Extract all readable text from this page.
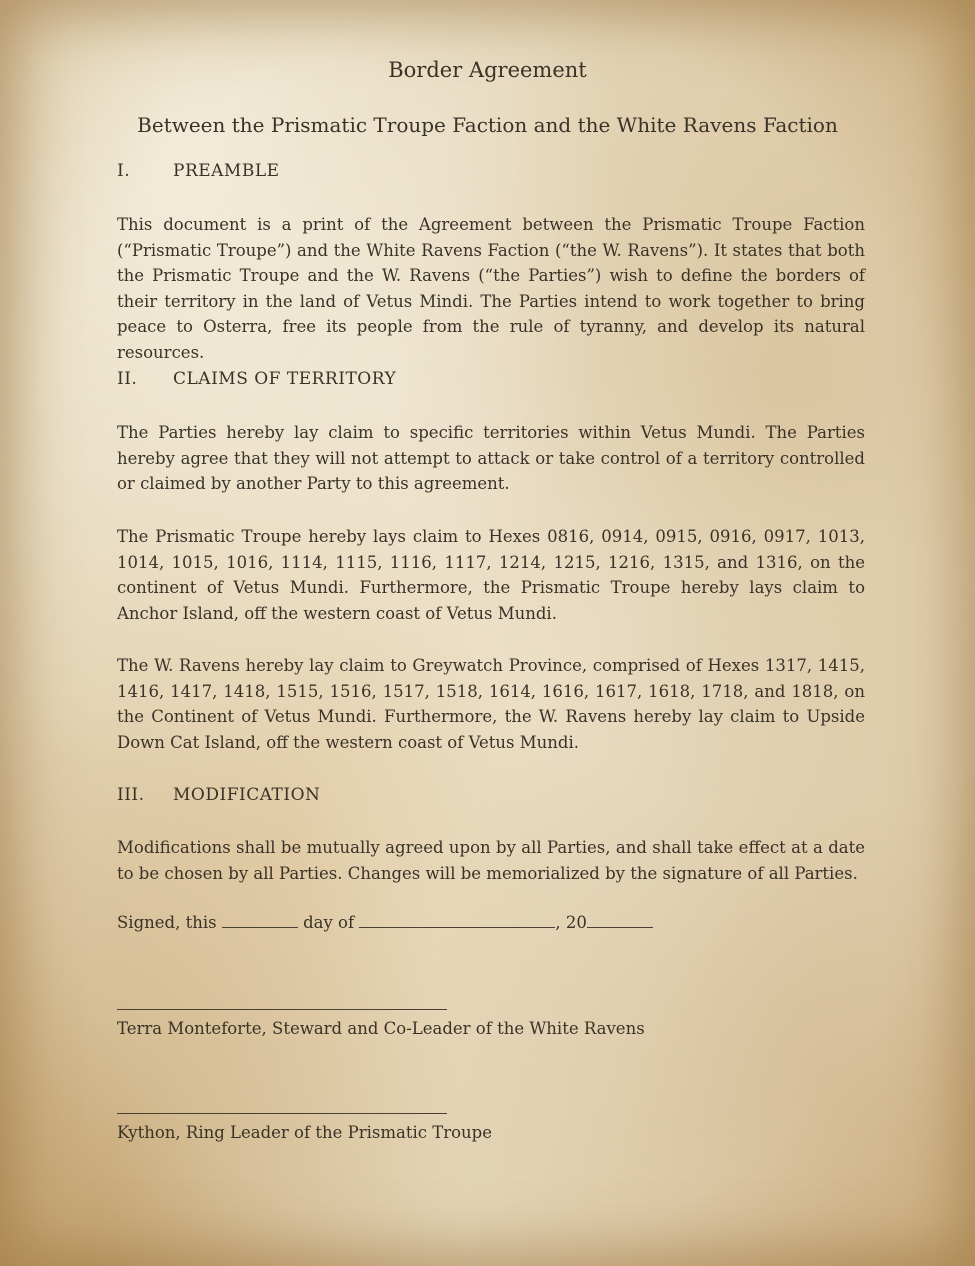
Border Agreement
Between the Prismatic Troupe Faction and the White Ravens Faction
I.	PREAMBLE

This document is a print of the Agreement between the Prismatic Troupe Faction (“Prismatic Troupe”) and the White Ravens Faction (“the W. Ravens”). It states that both the Prismatic Troupe and the W. Ravens (“the Parties”) wish to define the borders of their territory in the land of Vetus Mindi. The Parties intend to work together to bring peace to Osterra, free its people from the rule of tyranny, and develop its natural resources.

II. CLAIMS OF TERRITORY

The Parties hereby lay claim to specific territories within Vetus Mundi. The Parties hereby agree that they will not attempt to attack or take control of a territory controlled or claimed by another Party to this agreement.

The Prismatic Troupe hereby lays claim to Hexes 0816, 0914, 0915, 0916, 0917, 1013, 1014, 1015, 1016, 1114, 1115, 1116, 1117, 1214, 1215, 1216, 1315, and 1316, on the continent of Vetus Mundi. Furthermore, the Prismatic Troupe hereby lays claim to Anchor Island, off the western coast of Vetus Mundi.

The W. Ravens hereby lay claim to Greywatch Province, comprised of Hexes 1317, 1415, 1416, 1417, 1418, 1515, 1516, 1517, 1518, 1614, 1616, 1617, 1618, 1718, and 1818, on the Continent of Vetus Mundi. Furthermore, the W. Ravens hereby lay claim to Upside Down Cat Island, off the western coast of Vetus Mundi.

III. MODIFICATION

Modifications shall be mutually agreed upon by all Parties, and shall take effect at a date to be chosen by all Parties. Changes will be memorialized by the signature of all Parties.

Signed, this	day of	, 20
Terra Monteforte, Steward and Co-Leader of the White Ravens
Kython, Ring Leader of the Prismatic Troupe
